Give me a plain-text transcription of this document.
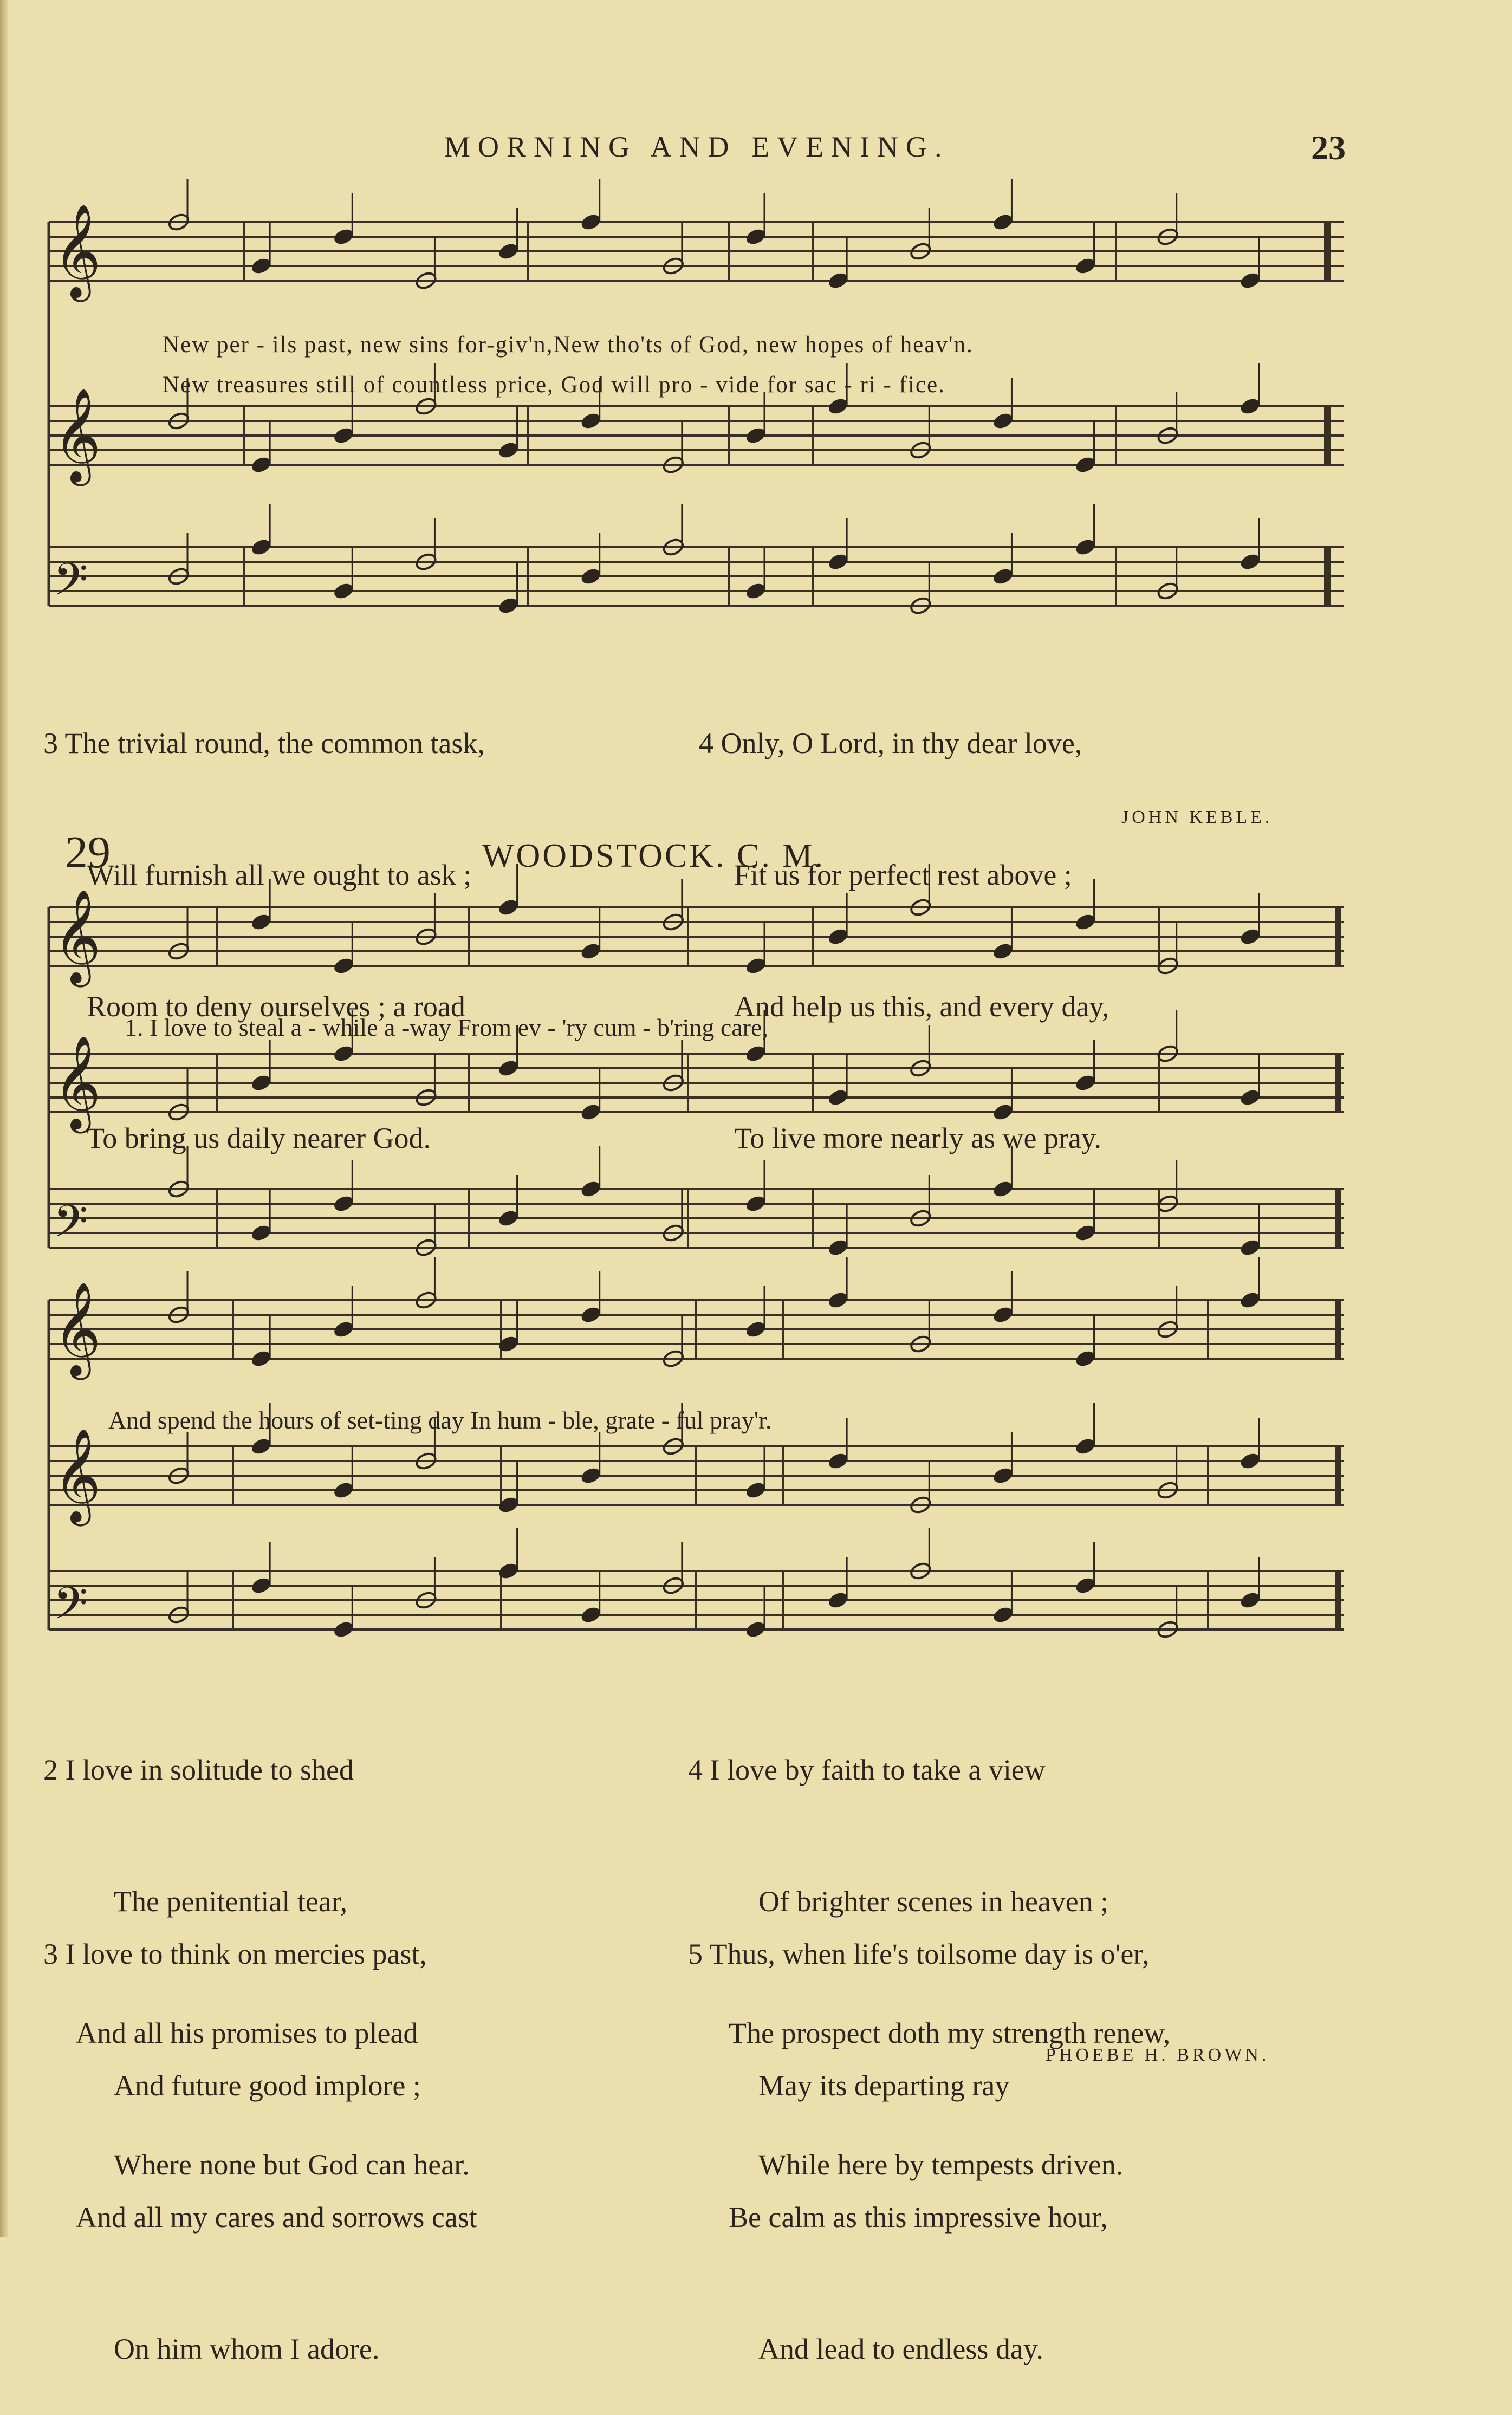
MORNING AND EVENING.	23
𝄞
𝄞
𝄢
𝄞
𝄞
𝄢
𝄞
𝄞
𝄢
New per - ils past, new sins for-giv'n,New tho'ts of God, new hopes of heav'n.
New treasures still of countless price, God will pro - vide for sac - ri - fice.

3 The trivial round, the common task,

Will furnish all we ought to ask ;

Room to deny ourselves ; a road

To bring us daily nearer God.

4 Only, O Lord, in thy dear love,

Fit us for perfect rest above ;

And help us this, and every day,

To live more nearly as we pray.

JOHN KEBLE.
29	WOODSTOCK. C. M.
1. I love to steal a - while a -way From ev - 'ry cum - b'ring care,
And spend the hours of set-ting day In hum - ble, grate - ful pray'r.

2 I love in solitude to shed

The penitential tear,

And all his promises to plead

Where none but God can hear.

3 I love to think on mercies past,

And future good implore ;

And all my cares and sorrows cast

On him whom I adore.

4 I love by faith to take a view

Of brighter scenes in heaven ;

The prospect doth my strength renew,

While here by tempests driven.

5 Thus, when life's toilsome day is o'er,

May its departing ray

Be calm as this impressive hour,

And lead to endless day.

PHOEBE H. BROWN.
